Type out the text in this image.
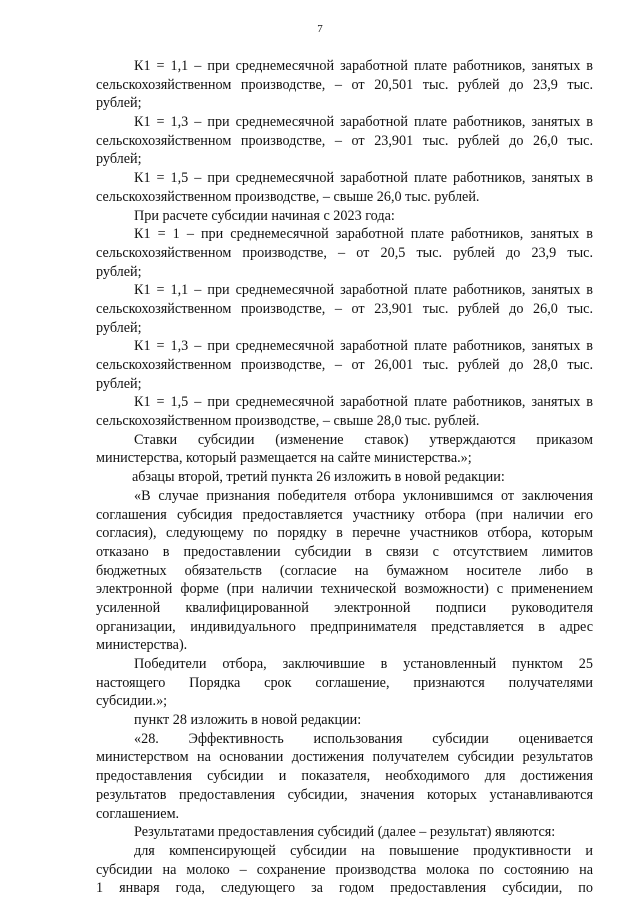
7
К1 = 1,1 – при среднемесячной заработной плате работников, занятых в
сельскохозяйственном производстве, – от 20,501 тыс. рублей до 23,9 тыс.
рублей;
К1 = 1,3 – при среднемесячной заработной плате работников, занятых в
сельскохозяйственном производстве, – от 23,901 тыс. рублей до 26,0 тыс.
рублей;
К1 = 1,5 – при среднемесячной заработной плате работников, занятых в
сельскохозяйственном производстве, – свыше 26,0 тыс. рублей.
При расчете субсидии начиная с 2023 года:
К1 = 1 – при среднемесячной заработной плате работников, занятых в
сельскохозяйственном производстве, – от 20,5 тыс. рублей до 23,9 тыс.
рублей;
К1 = 1,1 – при среднемесячной заработной плате работников, занятых в
сельскохозяйственном производстве, – от 23,901 тыс. рублей до 26,0 тыс.
рублей;
К1 = 1,3 – при среднемесячной заработной плате работников, занятых в
сельскохозяйственном производстве, – от 26,001 тыс. рублей до 28,0 тыс.
рублей;
К1 = 1,5 – при среднемесячной заработной плате работников, занятых в
сельскохозяйственном производстве, – свыше 28,0 тыс. рублей.
Ставки субсидии (изменение ставок) утверждаются приказом
министерства, который размещается на сайте министерства.»;
абзацы второй, третий пункта 26 изложить в новой редакции:
«В случае признания победителя отбора уклонившимся от заключения
соглашения субсидия предоставляется участнику отбора (при наличии его
согласия), следующему по порядку в перечне участников отбора, которым
отказано в предоставлении субсидии в связи с отсутствием лимитов
бюджетных обязательств (согласие на бумажном носителе либо в
электронной форме (при наличии технической возможности) с применением
усиленной квалифицированной электронной подписи руководителя
организации, индивидуального предпринимателя представляется в адрес
министерства).
Победители отбора, заключившие в установленный пунктом 25
настоящего Порядка срок соглашение, признаются получателями
субсидии.»;
пункт 28 изложить в новой редакции:
«28. Эффективность использования субсидии оценивается
министерством на основании достижения получателем субсидии результатов
предоставления субсидии и показателя, необходимого для достижения
результатов предоставления субсидии, значения которых устанавливаются
соглашением.
Результатами предоставления субсидий (далее – результат) являются:
для компенсирующей субсидии на повышение продуктивности и
субсидии на молоко – сохранение производства молока по состоянию на
1 января года, следующего за годом предоставления субсидии, по
